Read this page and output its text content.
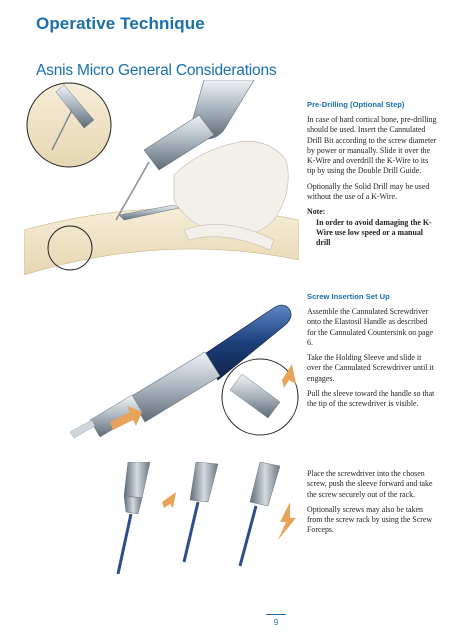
Operative Technique
Asnis Micro General Considerations
Pre-Drilling (Optional Step)

In case of hard cortical bone, pre-drilling should be used. Insert the Cannulated Drill Bit according to the screw diameter by power or manually. Slide it over the K-Wire and overdrill the K-Wire to its tip by using the Double Drill Guide.

Optionally the Solid Drill may be used without the use of a K-Wire.

Note:
In order to avoid damaging the K-Wire use low speed or a manual drill
Screw Insertion Set Up

Assemble the Cannulated Screwdriver onto the Elastosil Handle as described for the Cannulated Countersink on page 6.

Take the Holding Sleeve and slide it over the Cannulated Screwdriver until it engages.

Pull the sleeve toward the handle so that the tip of the screwdriver is visible.

Place the screwdriver into the chosen screw, push the sleeve forward and take the screw securely out of the rack.

Optionally screws may also be taken from the screw rack by using the Screw Forceps.

9
